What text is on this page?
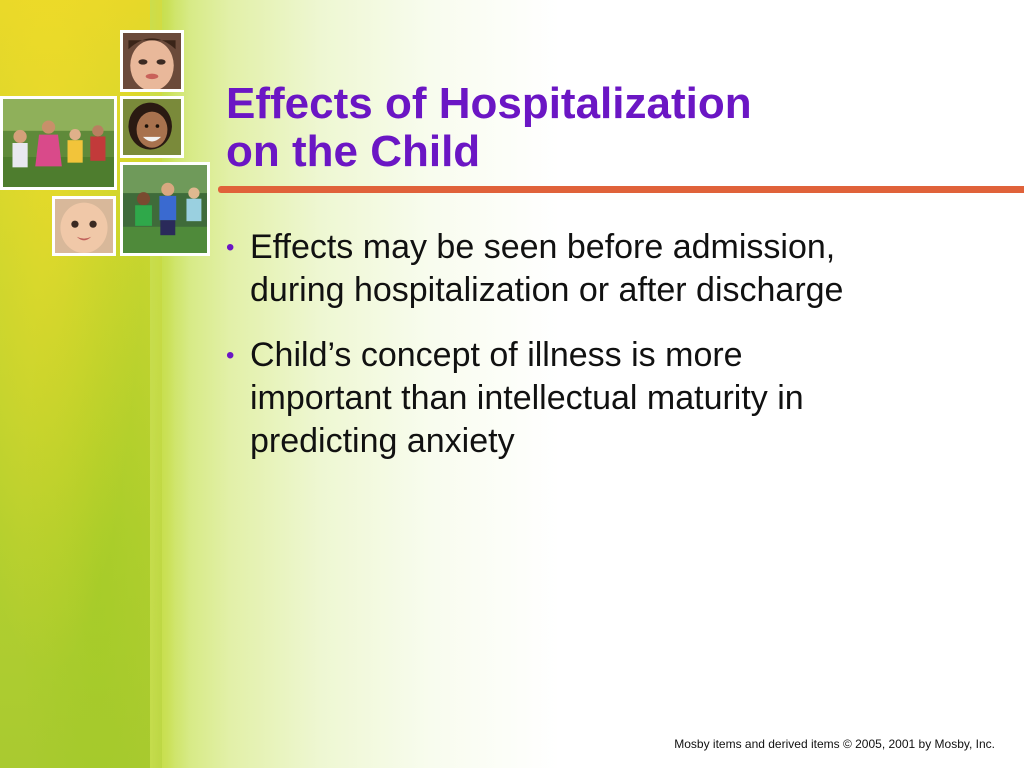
Effects of Hospitalization
on the Child
• Effects may be seen before admission,
during hospitalization or after discharge
• Child’s concept of illness is more
important than intellectual maturity in
predicting anxiety
Mosby items and derived items © 2005, 2001 by Mosby, Inc.
